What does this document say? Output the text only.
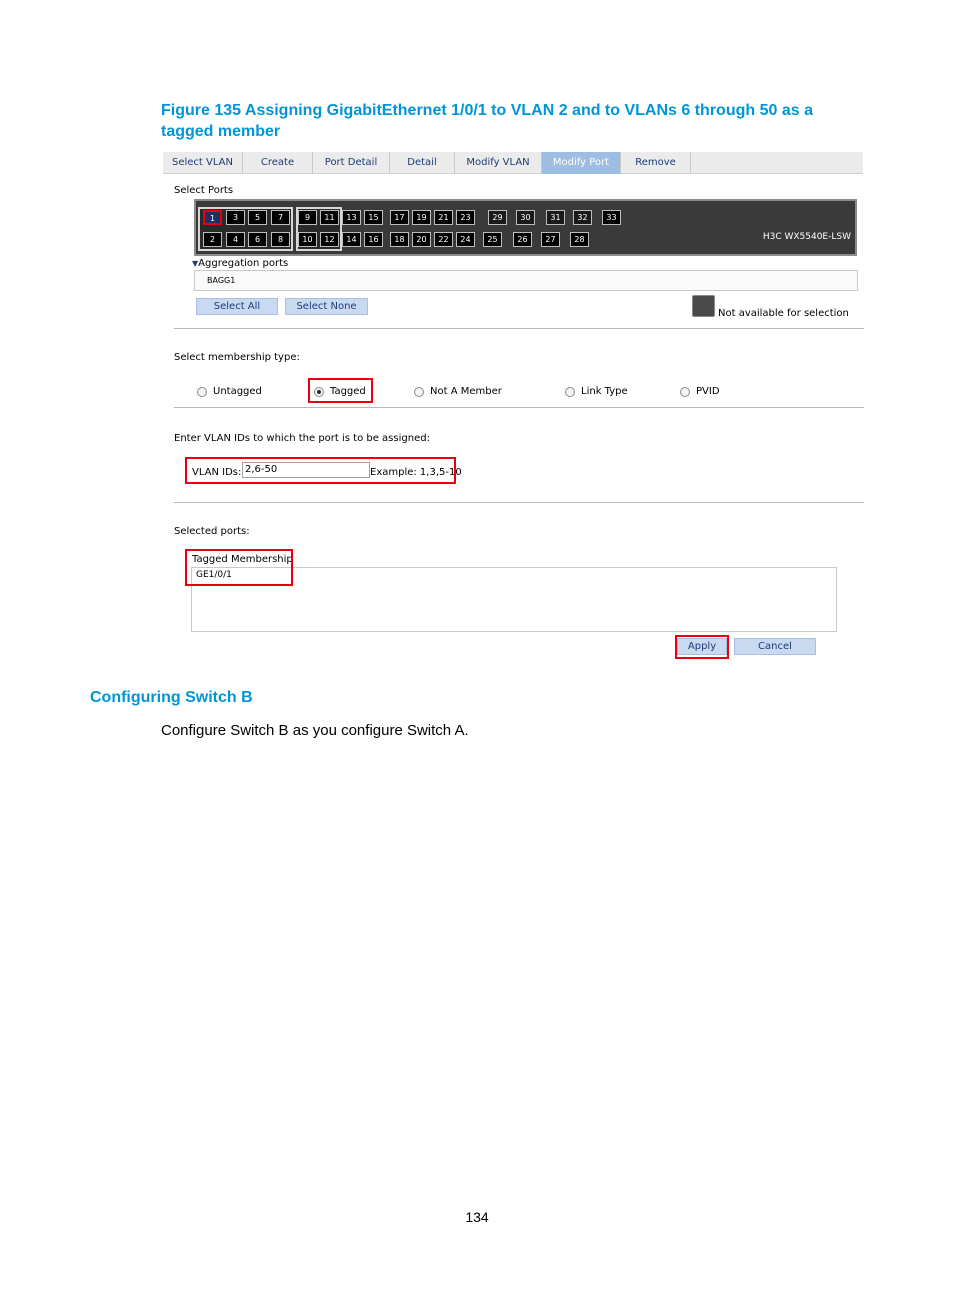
Figure 135 Assigning GigabitEthernet 1/0/1 to VLAN 2 and to VLANs 6 through 50 as a tagged member
Select VLAN	Create	Port Detail	Detail	Modify VLAN	Modify Port	Remove
Select Ports
H3C WX5540E-LSW
1	3	5	7	9	11	13	15	17	19	21	23	29	30	31	32	33
2	4	6	8	10	12	14	16	18	20	22	24	25	26	27	28
▼Aggregation ports
BAGG1
Select All	Select None
Not available for selection
Select membership type:
Untagged	Tagged	Not A Member	Link Type	PVID
Enter VLAN IDs to which the port is to be assigned:
VLAN IDs: 2,6-50	Example: 1,3,5-10
Selected ports:
Tagged Membership
GE1/0/1
Apply	Cancel
Configuring Switch B
Configure Switch B as you configure Switch A.
134
